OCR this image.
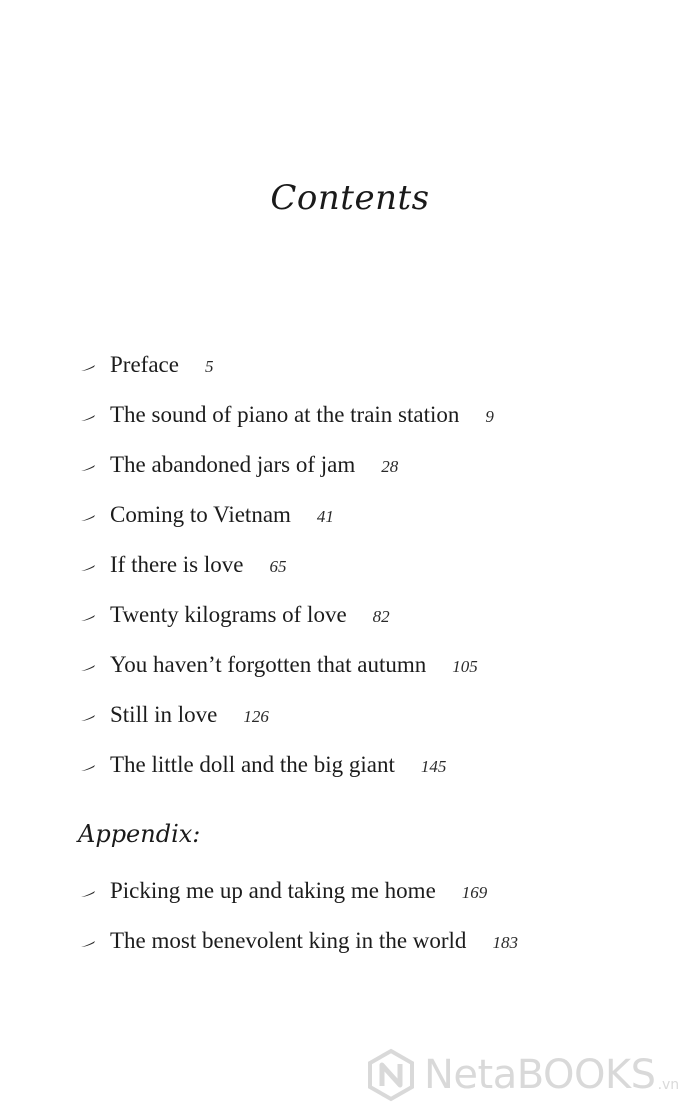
Contents
Preface 5
The sound of piano at the train station 9
The abandoned jars of jam 28
Coming to Vietnam 41
If there is love 65
Twenty kilograms of love 82
You haven’t forgotten that autumn 105
Still in love 126
The little doll and the big giant 145
Appendix:
Picking me up and taking me home 169
The most benevolent king in the world 183
NetaBOOKS .vn
